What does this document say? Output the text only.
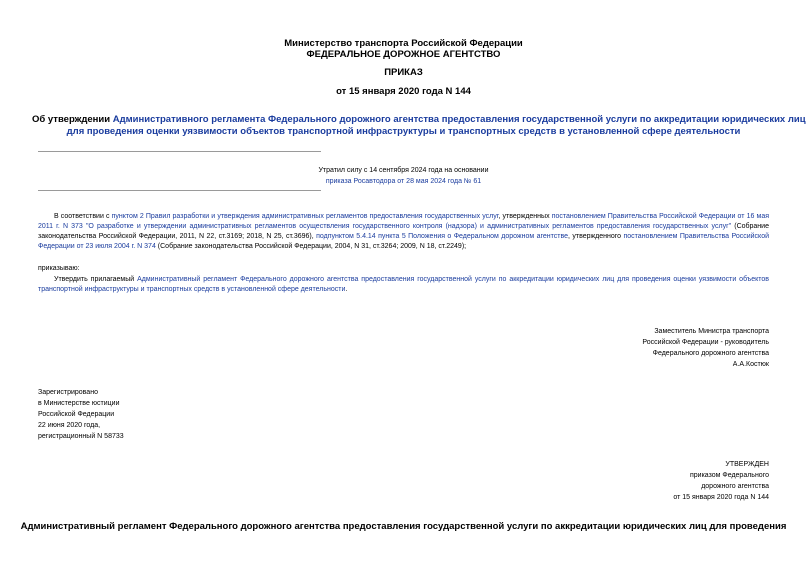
Министерство транспорта Российской Федерации
ФЕДЕРАЛЬНОЕ ДОРОЖНОЕ АГЕНТСТВО
ПРИКАЗ
от 15 января 2020 года N 144
Об утверждении Административного регламента Федерального дорожного агентства предоставления государственной услуги по аккредитации юридических лиц
для проведения оценки уязвимости объектов транспортной инфраструктуры и транспортных средств в установленной сфере деятельности
Утратил силу с 14 сентября 2024 года на основании
приказа Росавтодора от 28 мая 2024 года № 61
В соответствии с пунктом 2 Правил разработки и утверждения административных регламентов предоставления государственных услуг, утвержденных постановлением Правительства Российской Федерации от 16 мая 2011 г. N 373 "О разработке и утверждении административных регламентов осуществления государственного контроля (надзора) и административных регламентов предоставления государственных услуг" (Собрание законодательства Российской Федерации, 2011, N 22, ст.3169; 2018, N 25, ст.3696), подпунктом 5.4.14 пункта 5 Положения о Федеральном дорожном агентстве, утвержденного постановлением Правительства Российской Федерации от 23 июля 2004 г. N 374 (Собрание законодательства Российской Федерации, 2004, N 31, ст.3264; 2009, N 18, ст.2249);
приказываю:
Утвердить прилагаемый Административный регламент Федерального дорожного агентства предоставления государственной услуги по аккредитации юридических лиц для проведения оценки уязвимости объектов транспортной инфраструктуры и транспортных средств в установленной сфере деятельности.
Заместитель Министра транспорта
Российской Федерации - руководитель
Федерального дорожного агентства
А.А.Костюк
Зарегистрировано
в Министерстве юстиции
Российской Федерации
22 июня 2020 года,
регистрационный N 58733
УТВЕРЖДЕН
приказом Федерального
дорожного агентства
от 15 января 2020 года N 144
Административный регламент Федерального дорожного агентства предоставления государственной услуги по аккредитации юридических лиц для проведения
